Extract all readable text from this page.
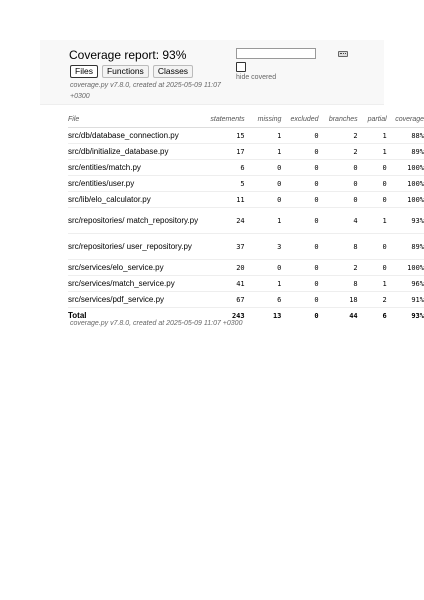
Coverage report: 93%
Files	Functions	Classes
coverage.py v7.8.0, created at 2025-05-09 11:07 +0300
hide covered
File	statements	missing	excluded	branches	partial	coverage
src/db/database_connection.py	15	1	0	2	1	88%
src/db/initialize_database.py	17	1	0	2	1	89%
src/entities/match.py	6	0	0	0	0	100%
src/entities/user.py	5	0	0	0	0	100%
src/lib/elo_calculator.py	11	0	0	0	0	100%
src/repositories/ match_repository.py	24	1	0	4	1	93%
src/repositories/ user_repository.py	37	3	0	8	0	89%
src/services/elo_service.py	20	0	0	2	0	100%
src/services/match_service.py	41	1	0	8	1	96%
src/services/pdf_service.py	67	6	0	18	2	91%
Total	243	13	0	44	6	93%
coverage.py v7.8.0, created at 2025-05-09 11:07 +0300
